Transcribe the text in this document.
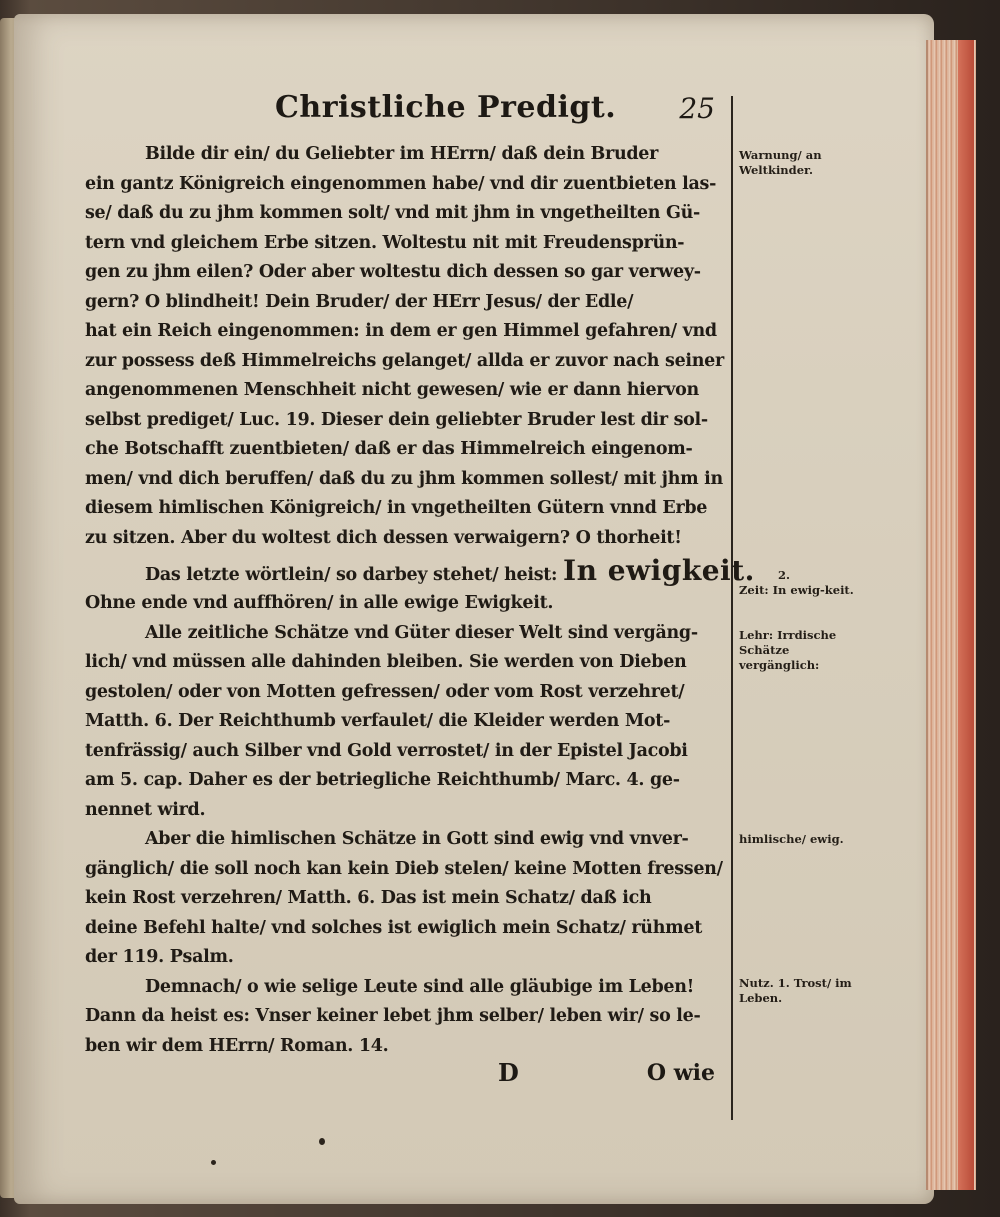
Christliche Predigt. 25
Bilde dir ein/ du Geliebter im HErrn/ daß dein Bruder
ein gantz Königreich eingenommen habe/ vnd dir zuentbieten las-
se/ daß du zu jhm kommen solt/ vnd mit jhm in vngetheilten Gü-
tern vnd gleichem Erbe sitzen. Woltestu nit mit Freudensprün-
gen zu jhm eilen? Oder aber woltestu dich dessen so gar verwey-
gern? O blindheit! Dein Bruder/ der HErr Jesus/ der Edle/
hat ein Reich eingenommen: in dem er gen Himmel gefahren/ vnd
zur possess deß Himmelreichs gelanget/ allda er zuvor nach seiner
angenommenen Menschheit nicht gewesen/ wie er dann hiervon
selbst prediget/ Luc. 19. Dieser dein geliebter Bruder lest dir sol-
che Botschafft zuentbieten/ daß er das Himmelreich eingenom-
men/ vnd dich beruffen/ daß du zu jhm kommen sollest/ mit jhm in
diesem himlischen Königreich/ in vngetheilten Gütern vnnd Erbe
zu sitzen. Aber du woltest dich dessen verwaigern? O thorheit!
Das letzte wörtlein/ so darbey stehet/ heist: In ewigkeit.
Ohne ende vnd auffhören/ in alle ewige Ewigkeit.
Alle zeitliche Schätze vnd Güter dieser Welt sind vergäng-
lich/ vnd müssen alle dahinden bleiben. Sie werden von Dieben
gestolen/ oder von Motten gefressen/ oder vom Rost verzehret/
Matth. 6. Der Reichthumb verfaulet/ die Kleider werden Mot-
tenfrässig/ auch Silber vnd Gold verrostet/ in der Epistel Jacobi
am 5. cap. Daher es der betriegliche Reichthumb/ Marc. 4. ge-
nennet wird.
Aber die himlischen Schätze in Gott sind ewig vnd vnver-
gänglich/ die soll noch kan kein Dieb stelen/ keine Motten fressen/
kein Rost verzehren/ Matth. 6. Das ist mein Schatz/ daß ich
deine Befehl halte/ vnd solches ist ewiglich mein Schatz/ rühmet
der 119. Psalm.
Demnach/ o wie selige Leute sind alle gläubige im Leben!
Dann da heist es: Vnser keiner lebet jhm selber/ leben wir/ so le-
ben wir dem HErrn/ Roman. 14.
D	O wie
Warnung/ an Weltkinder.
2.
Zeit: In ewig-keit.
Lehr: Irrdische Schätze vergänglich:
himlische/ ewig.
Nutz. 1. Trost/ im Leben.
